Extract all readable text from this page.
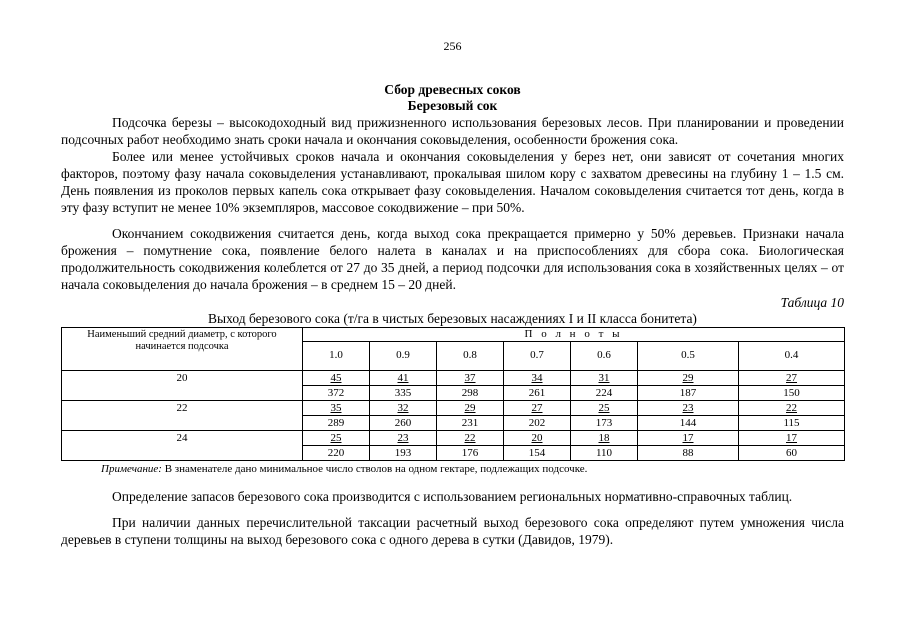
256
Сбор древесных соков
Березовый сок

Подсочка березы – высокодоходный вид прижизненного использования березовых лесов. При планировании и проведении подсочных работ необходимо знать сроки начала и окончания соковыделения, особенности брожения сока.

Более или менее устойчивых сроков начала и окончания соковыделения у берез нет, они зависят от сочетания многих факторов, поэтому фазу начала соковыделения устанавливают, прокалывая шилом кору с захватом древесины на глубину 1 – 1.5 см. День появления из проколов первых капель сока открывает фазу соковыделения. Началом соковыделения считается тот день, когда в эту фазу вступит не менее 10% экземпляров, массовое сокодвижение – при 50%.

Окончанием сокодвижения считается день, когда выход сока прекращается примерно у 50% деревьев. Признаки начала брожения – помутнение сока, появление белого налета в каналах и на приспособлениях для сбора сока. Биологическая продолжительность сокодвижения колеблется от 27 до 35 дней, а период подсочки для использования сока в хозяйственных целях – от начала соковыделения до начала брожения – в среднем 15 – 20 дней.

Таблица 10
Выход березового сока (т/га в чистых березовых насаждениях I и II класса бонитета)
Наименьший средний диаметр, с которого начинается подсочка	П о л н о т ы						
	1.0	0.9	0.8	0.7	0.6	0.5	0.4
20	45	41	37	34	31	29	27
	372	335	298	261	224	187	150
22	35	32	29	27	25	23	22
	289	260	231	202	173	144	115
24	25	23	22	20	18	17	17
	220	193	176	154	110	88	60
Примечание: В знаменателе дано минимальное число стволов на одном гектаре, подлежащих подсочке.

Определение запасов березового сока производится с использованием региональных нормативно-справочных таблиц.

При наличии данных перечислительной таксации расчетный выход березового сока определяют путем умножения числа деревьев в ступени толщины на выход березового сока с одного дерева в сутки (Давидов, 1979).
